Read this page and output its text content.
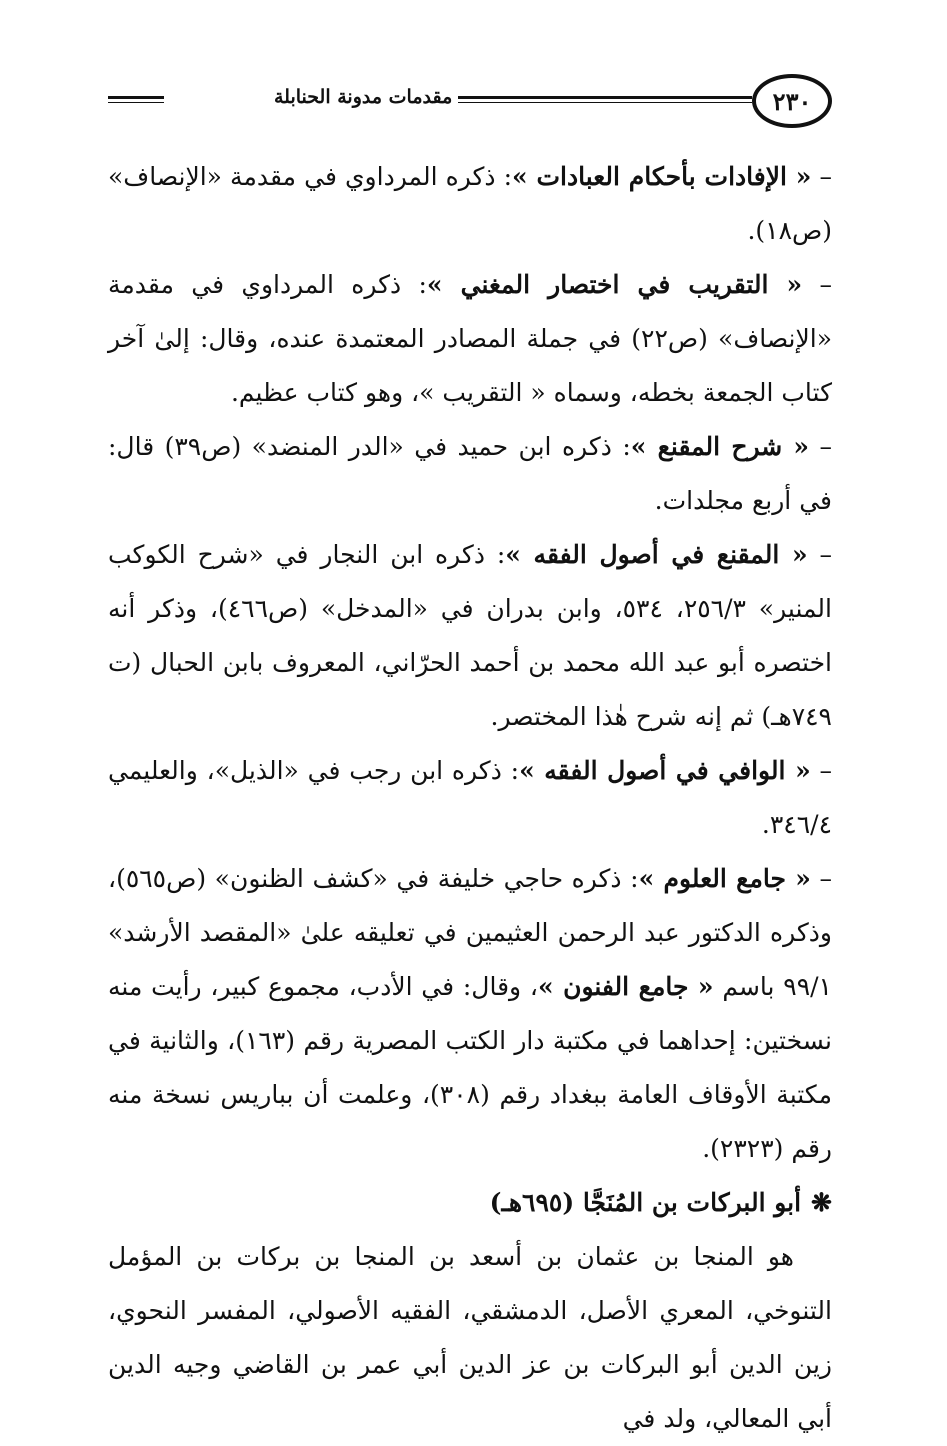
٢٣٠
مقدمات مدونة الحنابلة

– « الإفادات بأحكام العبادات »: ذكره المرداوي في مقدمة «الإنصاف» (ص١٨).

– « التقريب في اختصار المغني »: ذكره المرداوي في مقدمة «الإنصاف» (ص٢٢) في جملة المصادر المعتمدة عنده، وقال: إلىٰ آخر كتاب الجمعة بخطه، وسماه « التقريب »، وهو كتاب عظيم.

– « شرح المقنع »: ذكره ابن حميد في «الدر المنضد» (ص٣٩) قال: في أربع مجلدات.

– « المقنع في أصول الفقه »: ذكره ابن النجار في «شرح الكوكب المنير» ٢٥٦/٣، ٥٣٤، وابن بدران في «المدخل» (ص٤٦٦)، وذكر أنه اختصره أبو عبد الله محمد بن أحمد الحرّاني، المعروف بابن الحبال (ت ٧٤٩هـ) ثم إنه شرح هٰذا المختصر.

– « الوافي في أصول الفقه »: ذكره ابن رجب في «الذيل»، والعليمي ٣٤٦/٤.

– « جامع العلوم »: ذكره حاجي خليفة في «كشف الظنون» (ص٥٦٥)، وذكره الدكتور عبد الرحمن العثيمين في تعليقه علىٰ «المقصد الأرشد» ٩٩/١ باسم « جامع الفنون »، وقال: في الأدب، مجموع كبير، رأيت منه نسختين: إحداهما في مكتبة دار الكتب المصرية رقم (١٦٣)، والثانية في مكتبة الأوقاف العامة ببغداد رقم (٣٠٨)، وعلمت أن بباريس نسخة منه رقم (٢٣٢٣).

❋أبو البركات بن المُنَجَّا (٦٩٥هـ)

هو المنجا بن عثمان بن أسعد بن المنجا بن بركات بن المؤمل التنوخي، المعري الأصل، الدمشقي، الفقيه الأصولي، المفسر النحوي، زين الدين أبو البركات بن عز الدين أبي عمر بن القاضي وجيه الدين أبي المعالي، ولد في
